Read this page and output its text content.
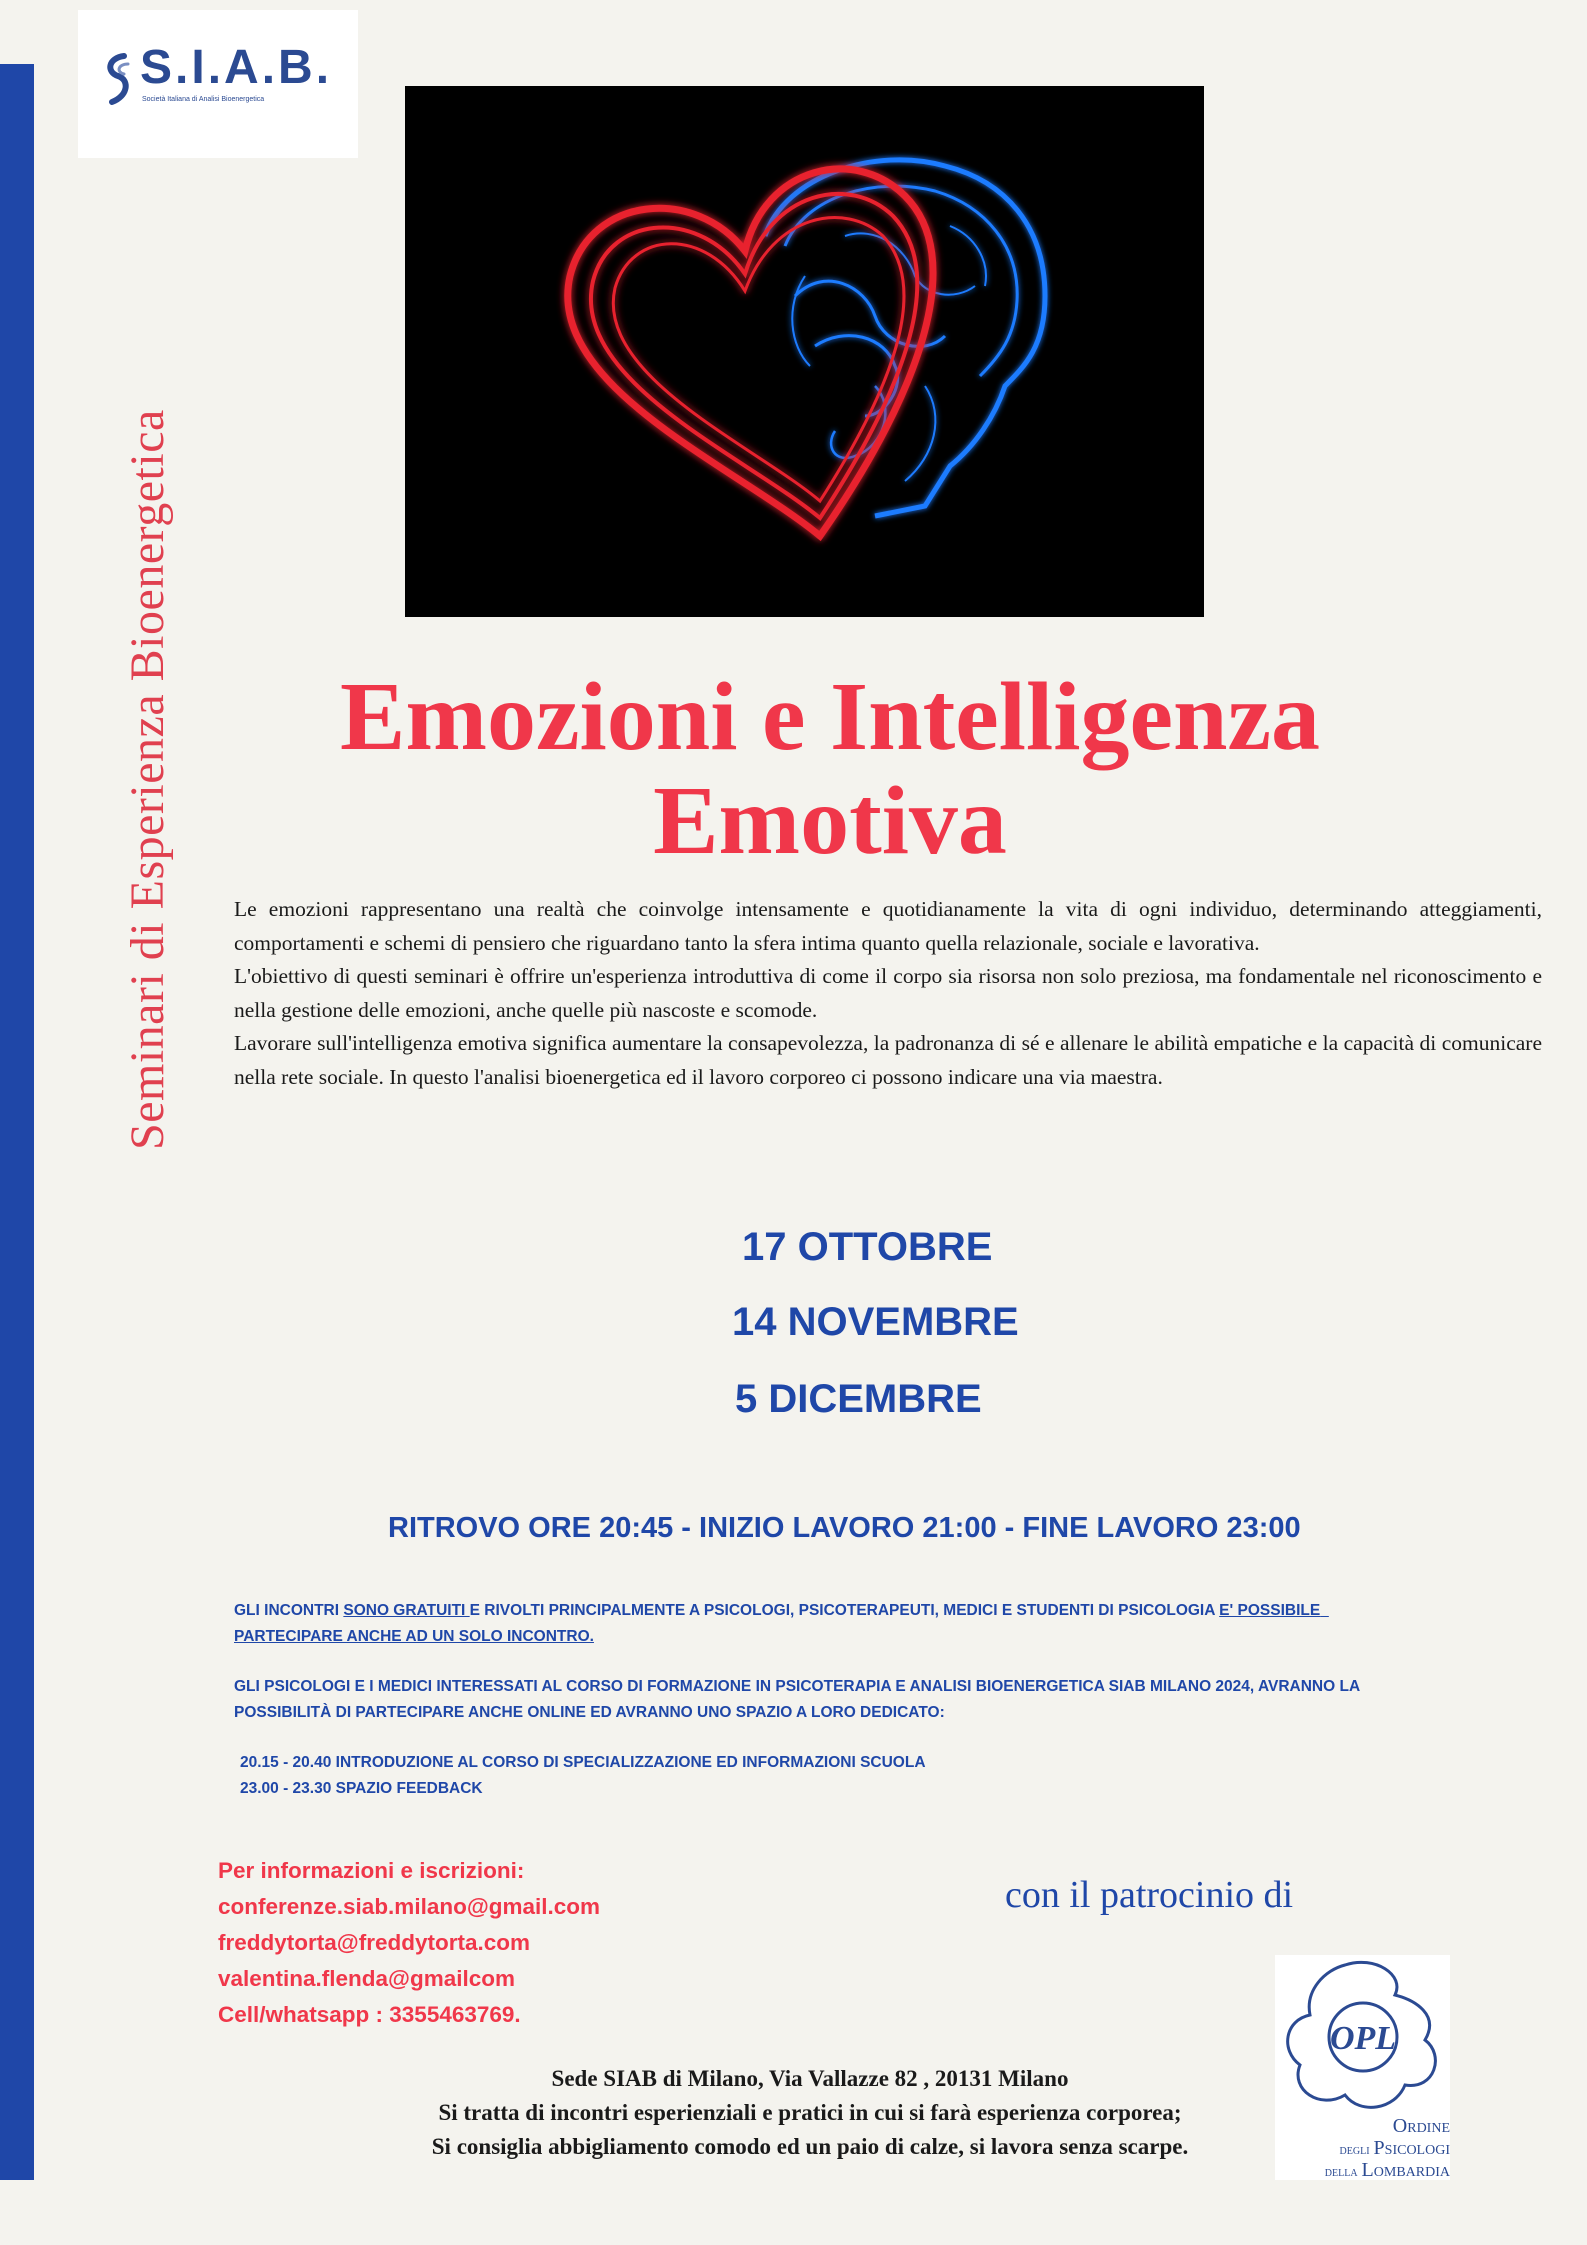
S.I.A.B.
Società Italiana di Analisi Bioenergetica
Seminari di Esperienza Bioenergetica	Emozioni e Intelligenza
Emotiva

Le emozioni rappresentano una realtà che coinvolge intensamente e quotidianamente la vita di ogni individuo, determinando atteggiamenti, comportamenti e schemi di pensiero che riguardano tanto la sfera intima quanto quella relazionale, sociale e lavorativa.

L'obiettivo di questi seminari è offrire un'esperienza introduttiva di come il corpo sia risorsa non solo preziosa, ma fondamentale nel riconoscimento e nella gestione delle emozioni, anche quelle più nascoste e scomode.

Lavorare sull'intelligenza emotiva significa aumentare la consapevolezza, la padronanza di sé e allenare le abilità empatiche e la capacità di comunicare nella rete sociale. In questo l'analisi bioenergetica ed il lavoro corporeo ci possono indicare una via maestra.

17 OTTOBRE
14 NOVEMBRE
5 DICEMBRE
RITROVO ORE 20:45 - INIZIO LAVORO 21:00 - FINE LAVORO 23:00
GLI INCONTRI SONO GRATUITI E RIVOLTI PRINCIPALMENTE A PSICOLOGI, PSICOTERAPEUTI, MEDICI E STUDENTI DI PSICOLOGIA E' POSSIBILE
PARTECIPARE ANCHE AD UN SOLO INCONTRO.
GLI PSICOLOGI E I MEDICI INTERESSATI AL CORSO DI FORMAZIONE IN PSICOTERAPIA E ANALISI BIOENERGETICA SIAB MILANO 2024, AVRANNO LA
POSSIBILITÀ DI PARTECIPARE ANCHE ONLINE ED AVRANNO UNO SPAZIO A LORO DEDICATO:
20.15 - 20.40 INTRODUZIONE AL CORSO DI SPECIALIZZAZIONE ED INFORMAZIONI SCUOLA
23.00 - 23.30 SPAZIO FEEDBACK
Per informazioni e iscrizioni:
conferenze.siab.milano@gmail.com
freddytorta@freddytorta.com
valentina.flenda@gmailcom
Cell/whatsapp : 3355463769.
con il patrocinio di
OPL
Ordine
degli Psicologi
della Lombardia
Sede SIAB di Milano, Via Vallazze 82 , 20131 Milano
Si tratta di incontri esperienziali e pratici in cui si farà esperienza corporea;
Si consiglia abbigliamento comodo ed un paio di calze, si lavora senza scarpe.
